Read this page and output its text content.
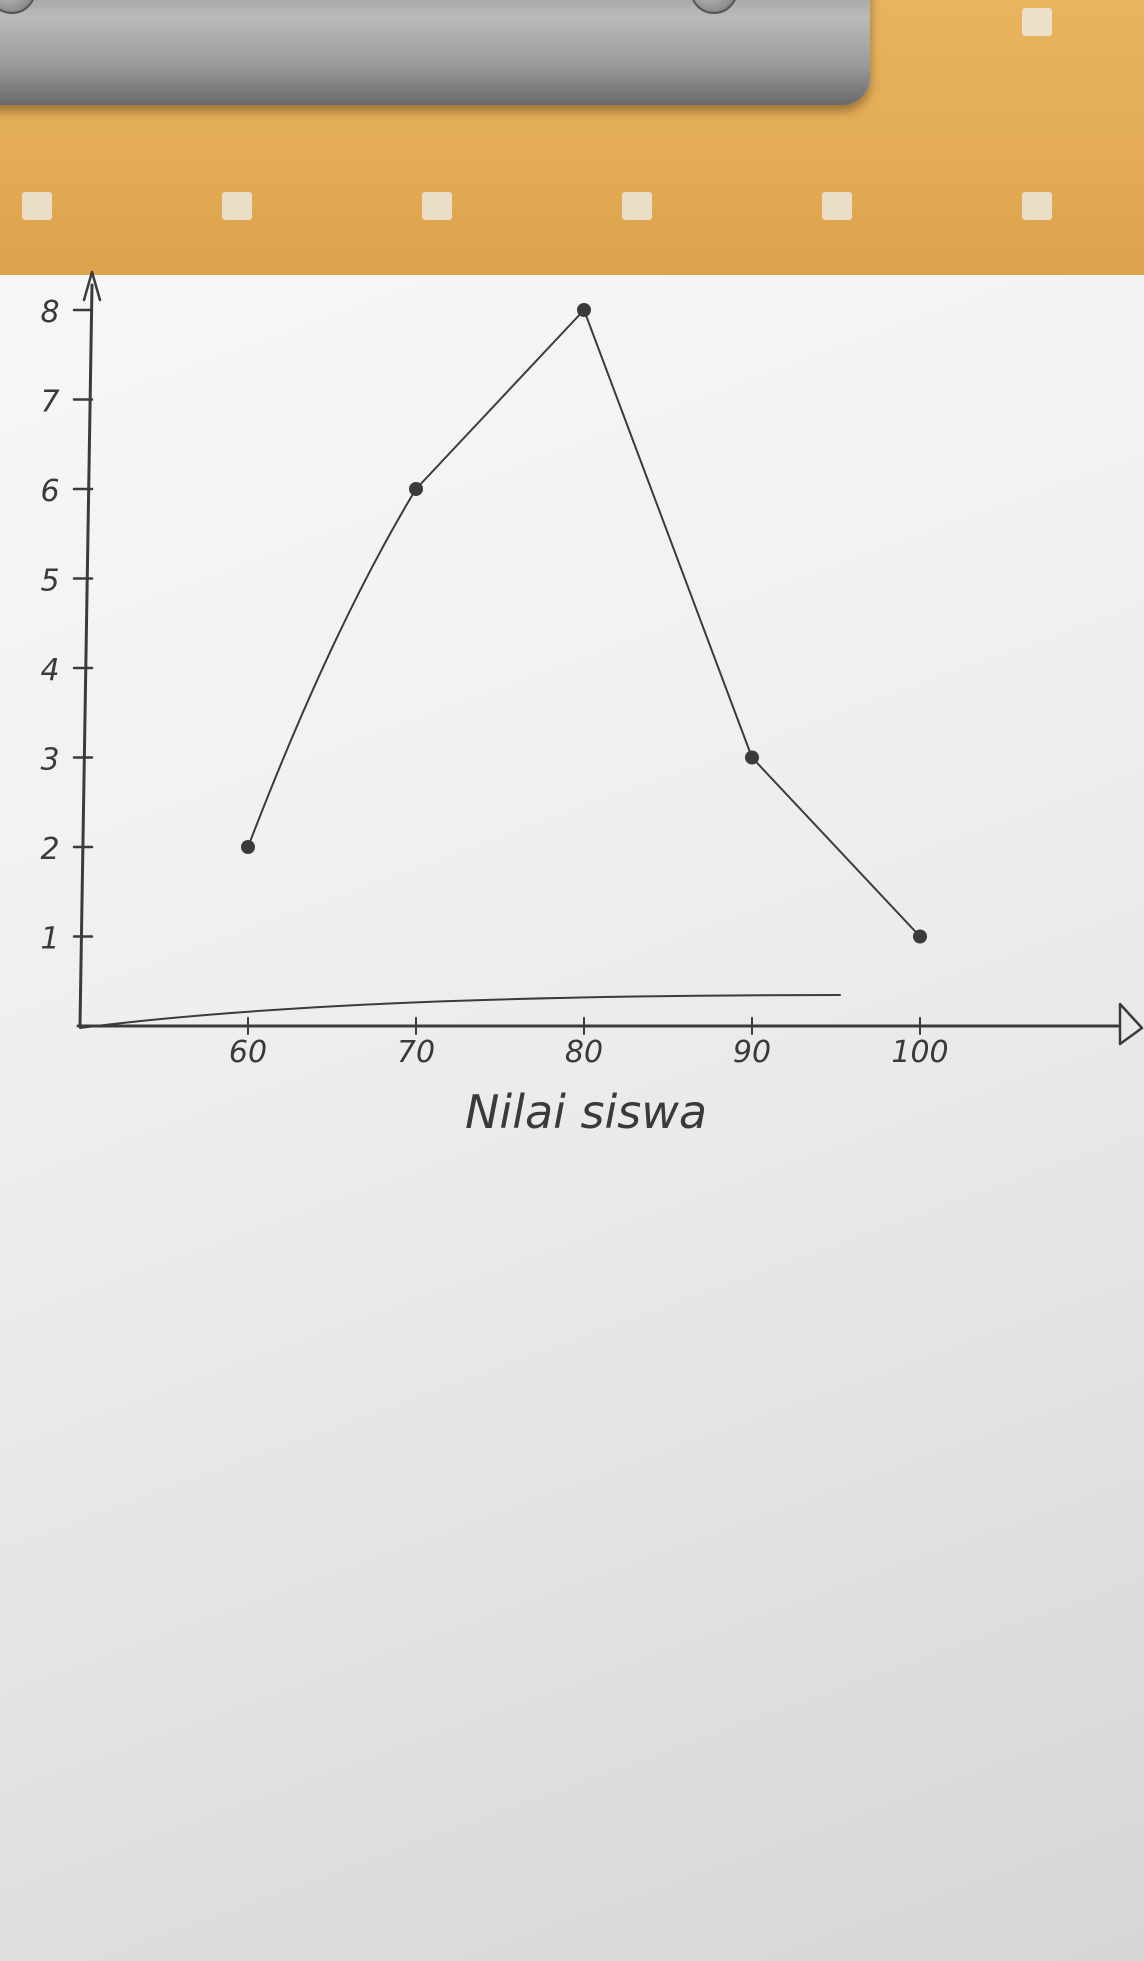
1
2
3
4
5
6
7
8
60	70	80	90	100
Nilai siswa
